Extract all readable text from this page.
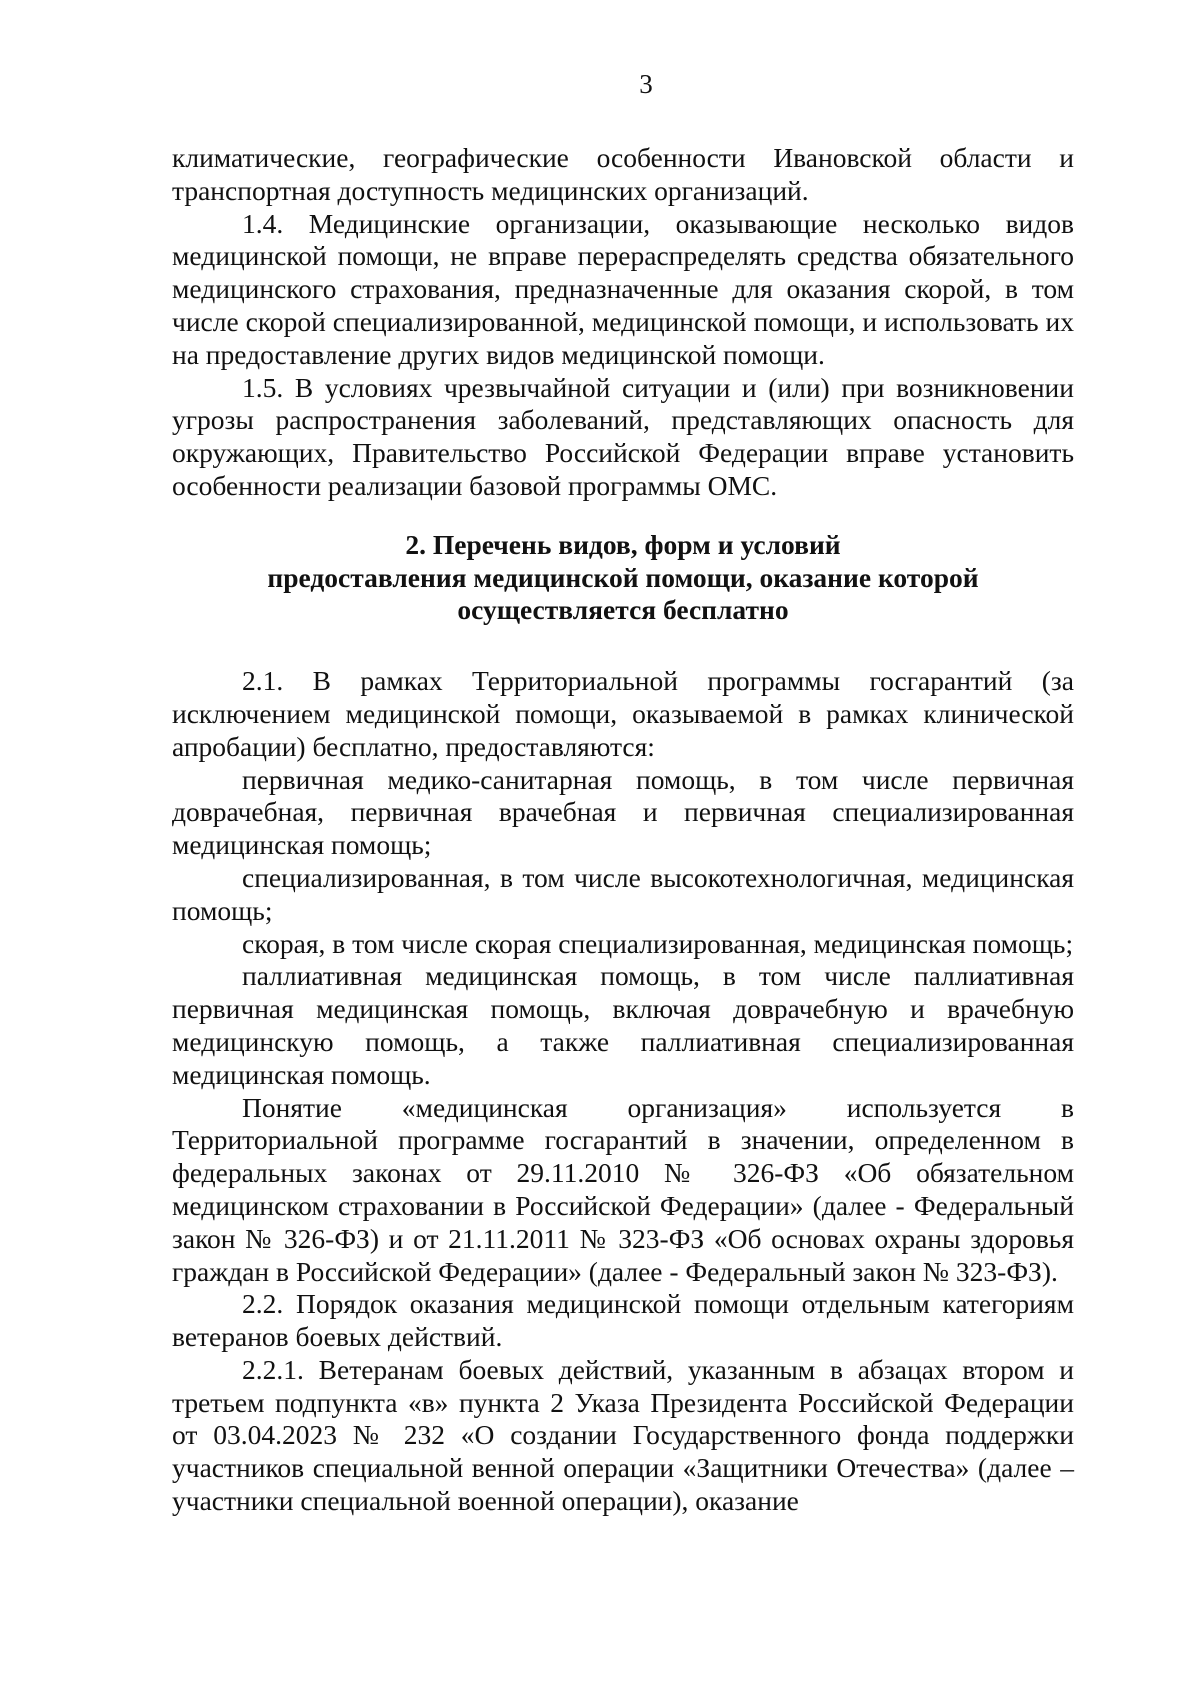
3

климатические, географические особенности Ивановской области и транспортная доступность медицинских организаций.

1.4. Медицинские организации, оказывающие несколько видов медицинской помощи, не вправе перераспределять средства обязательного медицинского страхования, предназначенные для оказания скорой, в том числе скорой специализированной, медицинской помощи, и использовать их на предоставление других видов медицинской помощи.

1.5. В условиях чрезвычайной ситуации и (или) при возникновении угрозы распространения заболеваний, представляющих опасность для окружающих, Правительство Российской Федерации вправе установить особенности реализации базовой программы ОМС.

2. Перечень видов, форм и условий
предоставления медицинской помощи, оказание которой
осуществляется бесплатно

2.1. В рамках Территориальной программы госгарантий (за исключением медицинской помощи, оказываемой в рамках клинической апробации) бесплатно, предоставляются:

первичная медико-санитарная помощь, в том числе первичная доврачебная, первичная врачебная и первичная специализированная медицинская помощь;

специализированная, в том числе высокотехнологичная, медицинская помощь;

скорая, в том числе скорая специализированная, медицинская помощь;

паллиативная медицинская помощь, в том числе паллиативная первичная медицинская помощь, включая доврачебную и врачебную медицинскую помощь, а также паллиативная специализированная медицинская помощь.

Понятие «медицинская организация» используется в Территориальной программе госгарантий в значении, определенном в федеральных законах от 29.11.2010 № 326-ФЗ «Об обязательном медицинском страховании в Российской Федерации» (далее - Федеральный закон № 326-ФЗ) и от 21.11.2011 № 323-ФЗ «Об основах охраны здоровья граждан в Российской Федерации» (далее - Федеральный закон № 323-ФЗ).

2.2. Порядок оказания медицинской помощи отдельным категориям ветеранов боевых действий.

2.2.1. Ветеранам боевых действий, указанным в абзацах втором и третьем подпункта «в» пункта 2 Указа Президента Российской Федерации от 03.04.2023 № 232 «О создании Государственного фонда поддержки участников специальной венной операции «Защитники Отечества» (далее – участники специальной военной операции), оказание
